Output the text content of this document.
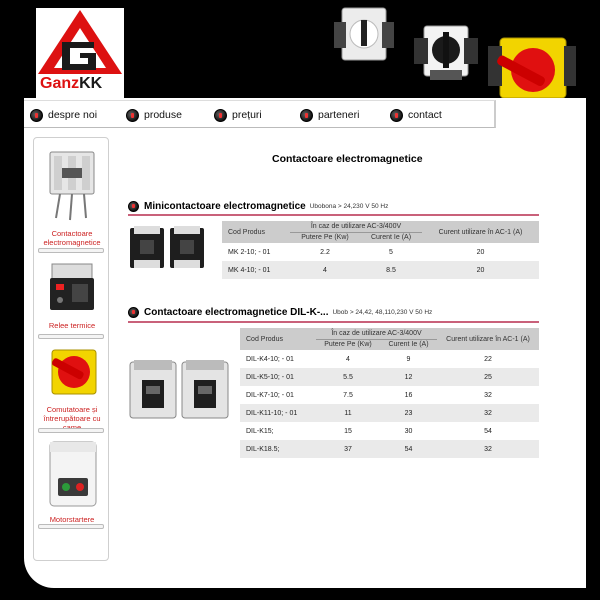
GanzKK
despre noi	produse	prețuri	parteneri	contact
Contactoare electromagnetice
Relee termice
Comutatoare și întrerupătoare cu
Motorstartere
Contactoare electromagnetice
Minicontactoare electromagnetice Ubobona > 24,230 V 50 Hz
Cod Produs	În caz de utilizare AC-3/400V		Curent utilizare în AC-1 (A)
	Putere Pe (Kw)	Curent Ie (A)	
MK 2-10; - 01	2.2	5	20
MK 4-10; - 01	4	8.5	20
Contactoare electromagnetice DIL-K-... Ubob > 24,42, 48,110,230 V 50 Hz
Cod Produs	În caz de utilizare AC-3/400V		Curent utilizare în AC-1 (A)
	Putere Pe (Kw)	Curent Ie (A)	
DIL-K4-10; - 01	4	9	22
DIL-K5-10; - 01	5.5	12	25
DIL-K7-10; - 01	7.5	16	32
DIL-K11-10; - 01	11	23	32
DIL-K15;	15	30	54
DIL-K18.5;	37	54	32
